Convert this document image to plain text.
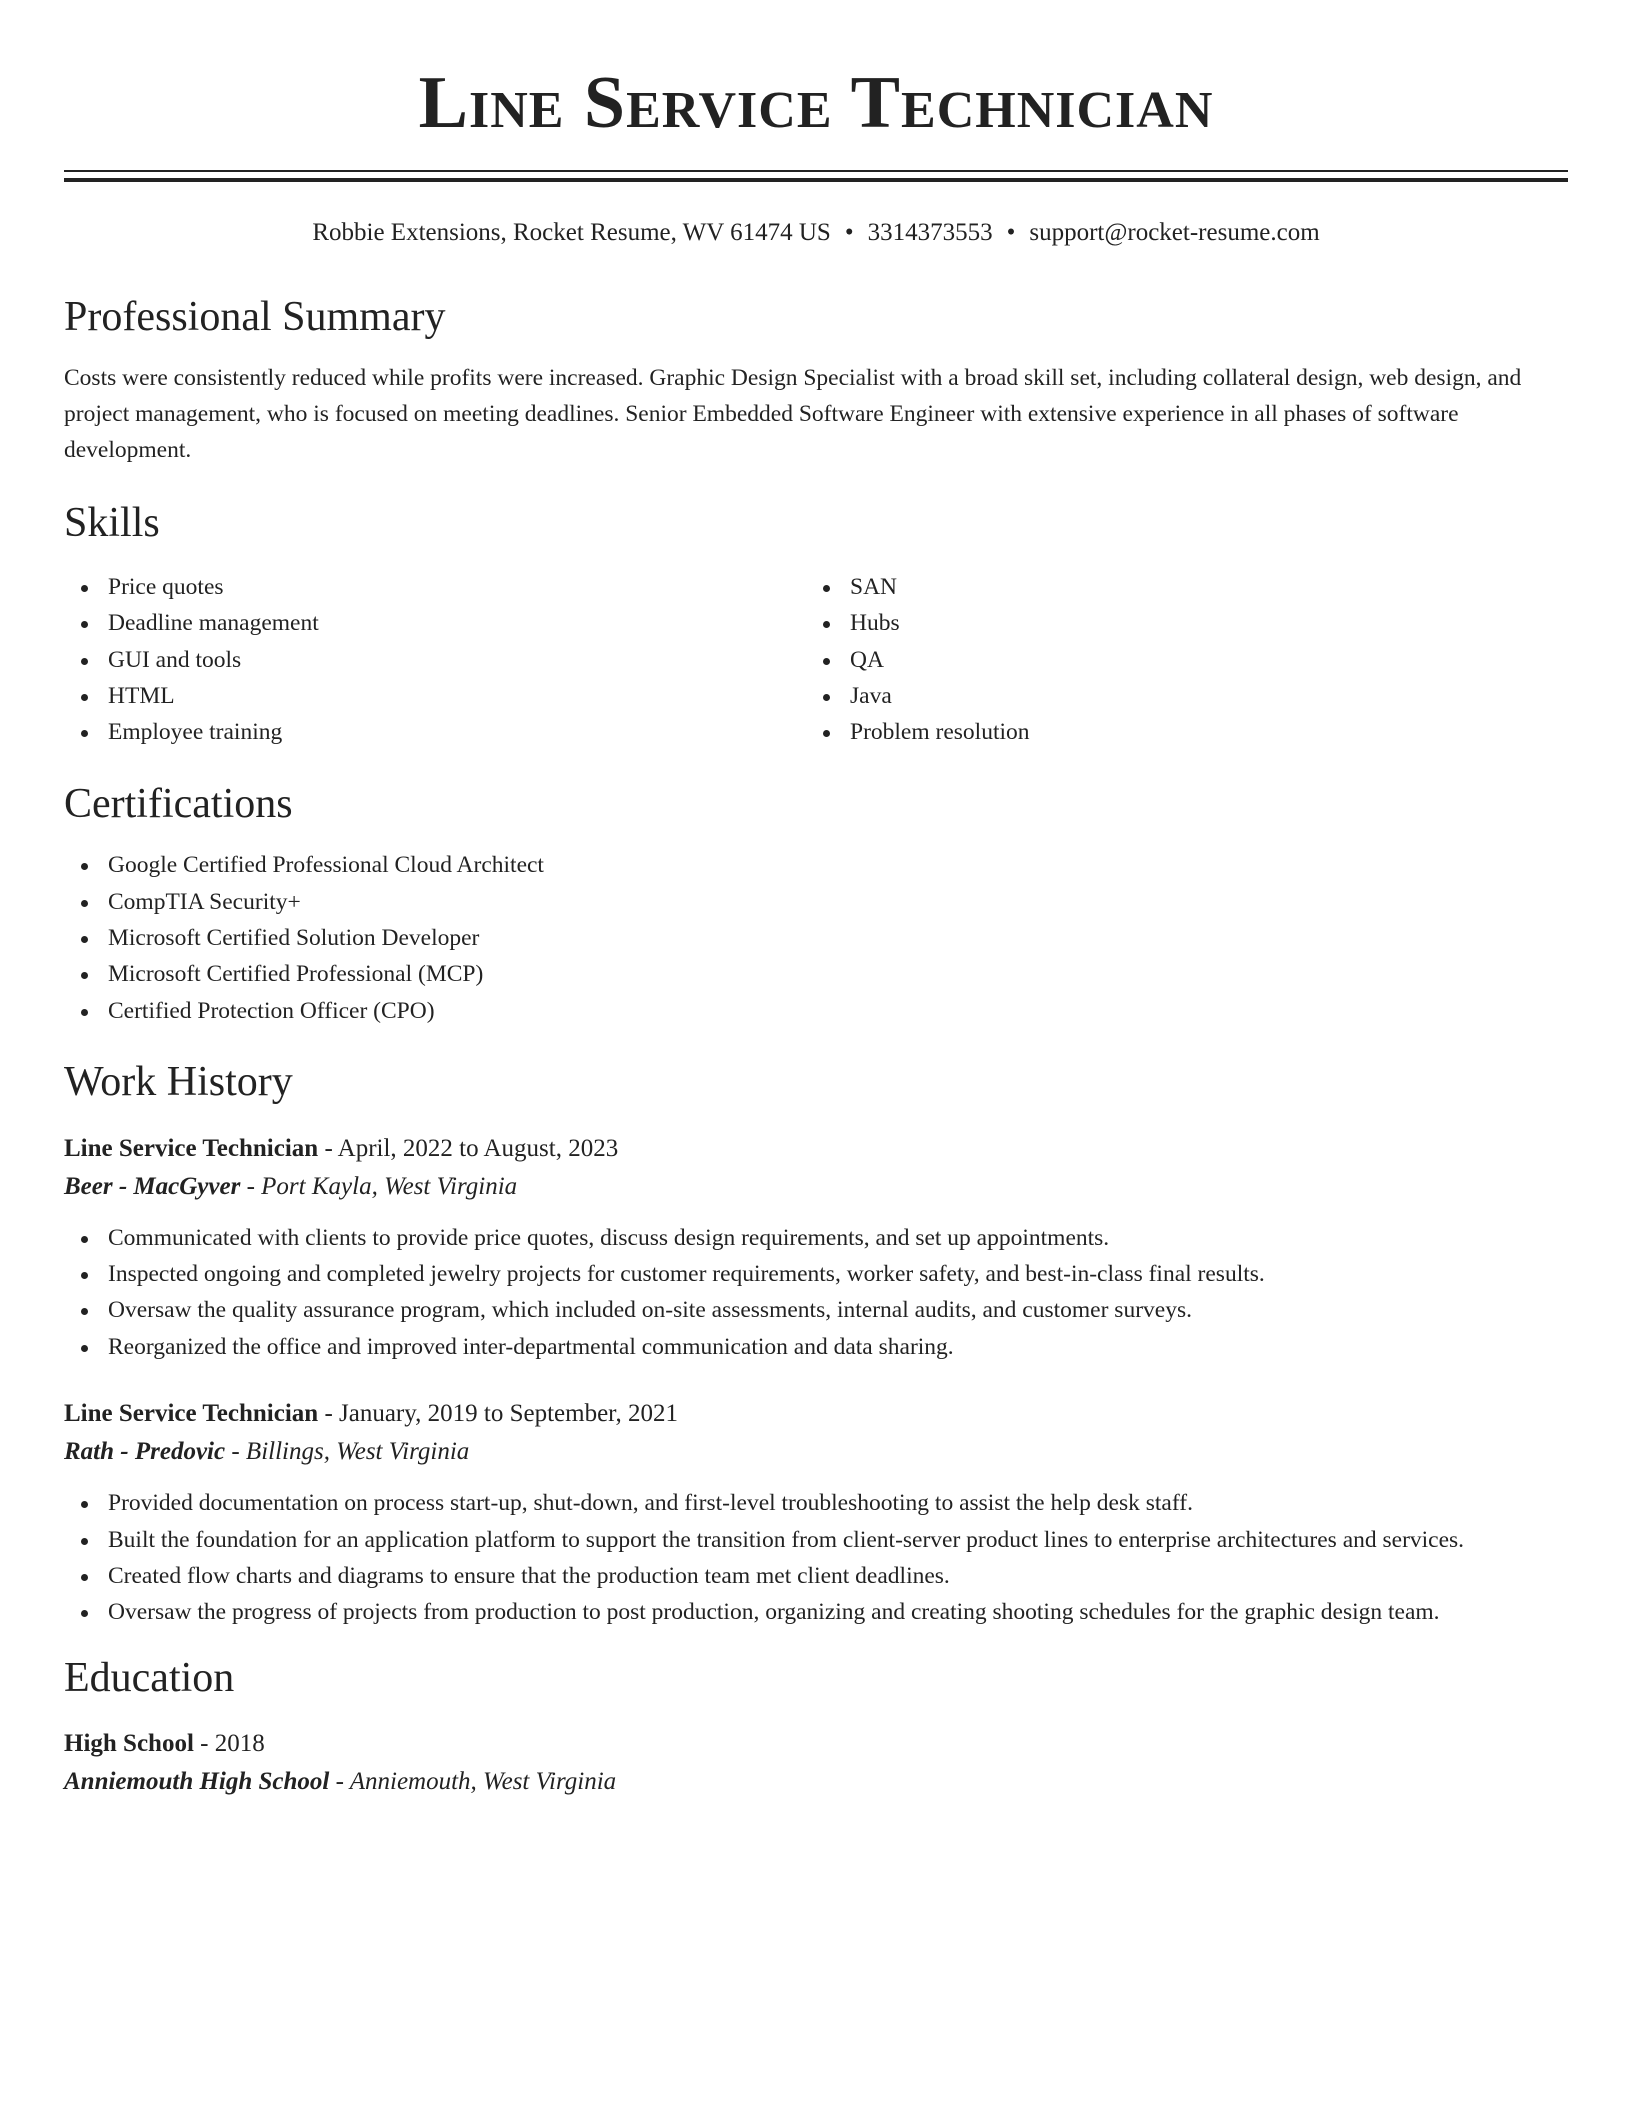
Line Service Technician
Robbie Extensions, Rocket Resume, WV 61474 US • 3314373553 • support@rocket-resume.com
Professional Summary

Costs were consistently reduced while profits were increased. Graphic Design Specialist with a broad skill set, including collateral design, web design, and project management, who is focused on meeting deadlines. Senior Embedded Software Engineer with extensive experience in all phases of software development.

Skills
Price quotes
Deadline management
GUI and tools
HTML
Employee training
SAN
Hubs
QA
Java
Problem resolution
Certifications
Google Certified Professional Cloud Architect
CompTIA Security+
Microsoft Certified Solution Developer
Microsoft Certified Professional (MCP)
Certified Protection Officer (CPO)
Work History
Line Service Technician - April, 2022 to August, 2023
Beer - MacGyver - Port Kayla, West Virginia
Communicated with clients to provide price quotes, discuss design requirements, and set up appointments.
Inspected ongoing and completed jewelry projects for customer requirements, worker safety, and best-in-class final results.
Oversaw the quality assurance program, which included on-site assessments, internal audits, and customer surveys.
Reorganized the office and improved inter-departmental communication and data sharing.
Line Service Technician - January, 2019 to September, 2021
Rath - Predovic - Billings, West Virginia
Provided documentation on process start-up, shut-down, and first-level troubleshooting to assist the help desk staff.
Built the foundation for an application platform to support the transition from client-server product lines to enterprise architectures and services.
Created flow charts and diagrams to ensure that the production team met client deadlines.
Oversaw the progress of projects from production to post production, organizing and creating shooting schedules for the graphic design team.
Education
High School - 2018
Anniemouth High School - Anniemouth, West Virginia
